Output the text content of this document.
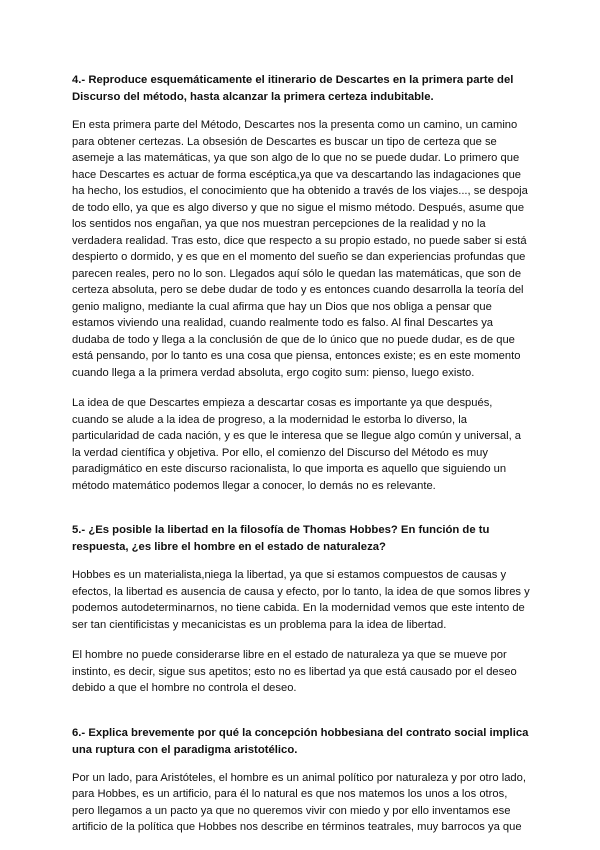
4.- Reproduce esquemáticamente el itinerario de Descartes en la primera parte del Discurso del método, hasta alcanzar la primera certeza indubitable.

En esta primera parte del Método, Descartes nos la presenta como un camino, un camino para obtener certezas. La obsesión de Descartes es buscar un tipo de certeza que se asemeje a las matemáticas, ya que son algo de lo que no se puede dudar. Lo primero que hace Descartes es actuar de forma escéptica,ya que va descartando las indagaciones que ha hecho, los estudios, el conocimiento que ha obtenido a través de los viajes..., se despoja de todo ello, ya que es algo diverso y que no sigue el mismo método. Después, asume que los sentidos nos engañan, ya que nos muestran percepciones de la realidad y no la verdadera realidad. Tras esto, dice que respecto a su propio estado, no puede saber si está despierto o dormido, y es que en el momento del sueño se dan experiencias profundas que parecen reales, pero no lo son. Llegados aquí sólo le quedan las matemáticas, que son de certeza absoluta, pero se debe dudar de todo y es entonces cuando desarrolla la teoría del genio maligno, mediante la cual afirma que hay un Dios que nos obliga a pensar que estamos viviendo una realidad, cuando realmente todo es falso. Al final Descartes ya dudaba de todo y llega a la conclusión de que de lo único que no puede dudar, es de que está pensando, por lo tanto es una cosa que piensa, entonces existe; es en este momento cuando llega a la primera verdad absoluta, ergo cogito sum: pienso, luego existo.

La idea de que Descartes empieza a descartar cosas es importante ya que después, cuando se alude a la idea de progreso, a la modernidad le estorba lo diverso, la particularidad de cada nación, y es que le interesa que se llegue algo común y universal, a la verdad científica y objetiva. Por ello, el comienzo del Discurso del Método es muy paradigmático en este discurso racionalista, lo que importa es aquello que siguiendo un método matemático podemos llegar a conocer, lo demás no es relevante.

5.- ¿Es posible la libertad en la filosofía de Thomas Hobbes? En función de tu respuesta, ¿es libre el hombre en el estado de naturaleza?

Hobbes es un materialista,niega la libertad, ya que si estamos compuestos de causas y efectos, la libertad es ausencia de causa y efecto, por lo tanto, la idea de que somos libres y podemos autodeterminarnos, no tiene cabida. En la modernidad vemos que este intento de ser tan cientificistas y mecanicistas es un problema para la idea de libertad.

El hombre no puede considerarse libre en el estado de naturaleza ya que se mueve por instinto, es decir, sigue sus apetitos; esto no es libertad ya que está causado por el deseo debido a que el hombre no controla el deseo.

6.- Explica brevemente por qué la concepción hobbesiana del contrato social implica una ruptura con el paradigma aristotélico.

Por un lado, para Aristóteles, el hombre es un animal político por naturaleza y por otro lado, para Hobbes, es un artificio, para él lo natural es que nos matemos los unos a los otros, pero llegamos a un pacto ya que no queremos vivir con miedo y por ello inventamos ese artificio de la política que Hobbes nos describe en términos teatrales, muy barrocos ya que
